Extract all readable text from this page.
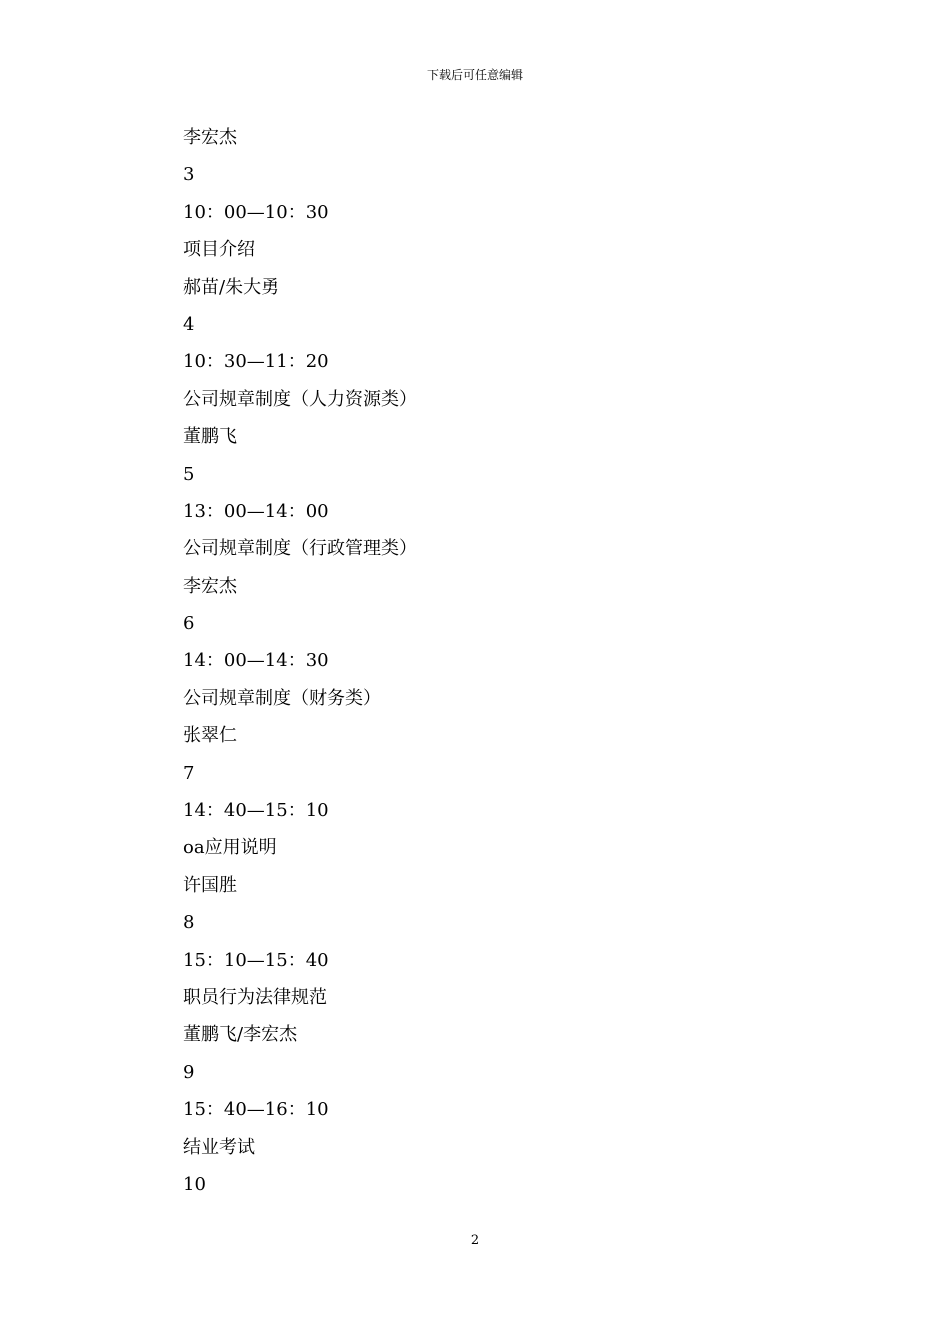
下载后可任意编辑
李宏杰
3
10：00—10：30
项目介绍
郝苗/朱大勇
4
10：30—11：20
公司规章制度（人力资源类）
董鹏飞
5
13：00—14：00
公司规章制度（行政管理类）
李宏杰
6
14：00—14：30
公司规章制度（财务类）
张翠仁
7
14：40—15：10
oa应用说明
许国胜
8
15：10—15：40
职员行为法律规范
董鹏飞/李宏杰
9
15：40—16：10
结业考试
10
2
